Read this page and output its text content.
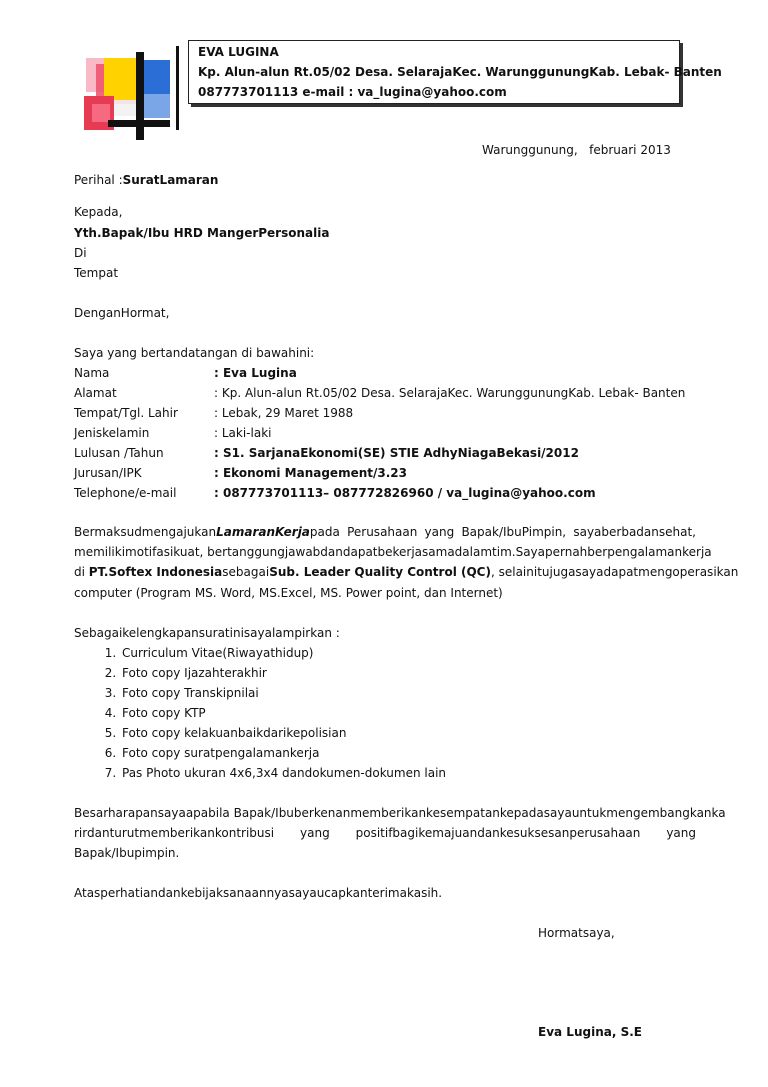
EVA LUGINA
Kp. Alun-alun Rt.05/02 Desa. SelarajaKec. WarunggunungKab. Lebak- Banten
087773701113 e-mail : va_lugina@yahoo.com
Warunggunung,   februari 2013
Perihal :SuratLamaran
Kepada,
Yth.Bapak/Ibu HRD MangerPersonalia
Di
Tempat
DenganHormat,
Saya yang bertandatangan di bawahini:
Nama	: Eva Lugina
Alamat	: Kp. Alun-alun Rt.05/02 Desa. SelarajaKec. WarunggunungKab. Lebak- Banten
Tempat/Tgl. Lahir	: Lebak, 29 Maret 1988
Jeniskelamin	: Laki-laki
Lulusan /Tahun	: S1. SarjanaEkonomi(SE) STIE AdhyNiagaBekasi/2012
Jurusan/IPK	: Ekonomi Management/3.23
Telephone/e-mail	: 087773701113– 087772826960 / va_lugina@yahoo.com
BermaksudmengajukanLamaranKerjapada Perusahaan yang Bapak/IbuPimpin, sayaberbadansehat,
memilikimotifasikuat, bertanggungjawabdandapatbekerjasamadalamtim.Sayapernahberpengalamankerja
di PT.Softex IndonesiasebagaiSub. Leader Quality Control (QC), selainitujugasayadapatmengoperasikan
computer (Program MS. Word, MS.Excel, MS. Power point, dan Internet)
Sebagaikelengkapansuratinisayalampirkan :
1. Curriculum Vitae(Riwayathidup)
2. Foto copy Ijazahterakhir
3. Foto copy Transkipnilai
4. Foto copy KTP
5. Foto copy kelakuanbaikdarikepolisian
6. Foto copy suratpengalamankerja
7. Pas Photo ukuran 4x6,3x4 dandokumen-dokumen lain
Besarharapansayaapabila Bapak/Ibuberkenanmemberikankesempatankepadasayauntukmengembangkanka
rirdanturutmemberikankontribusi yang positifbagikemajuandankesuksesanperusahaan yang
Bapak/Ibupimpin.
Atasperhatiandankebijaksanaannyasayaucapkanterimakasih.
Hormatsaya,
Eva Lugina, S.E
